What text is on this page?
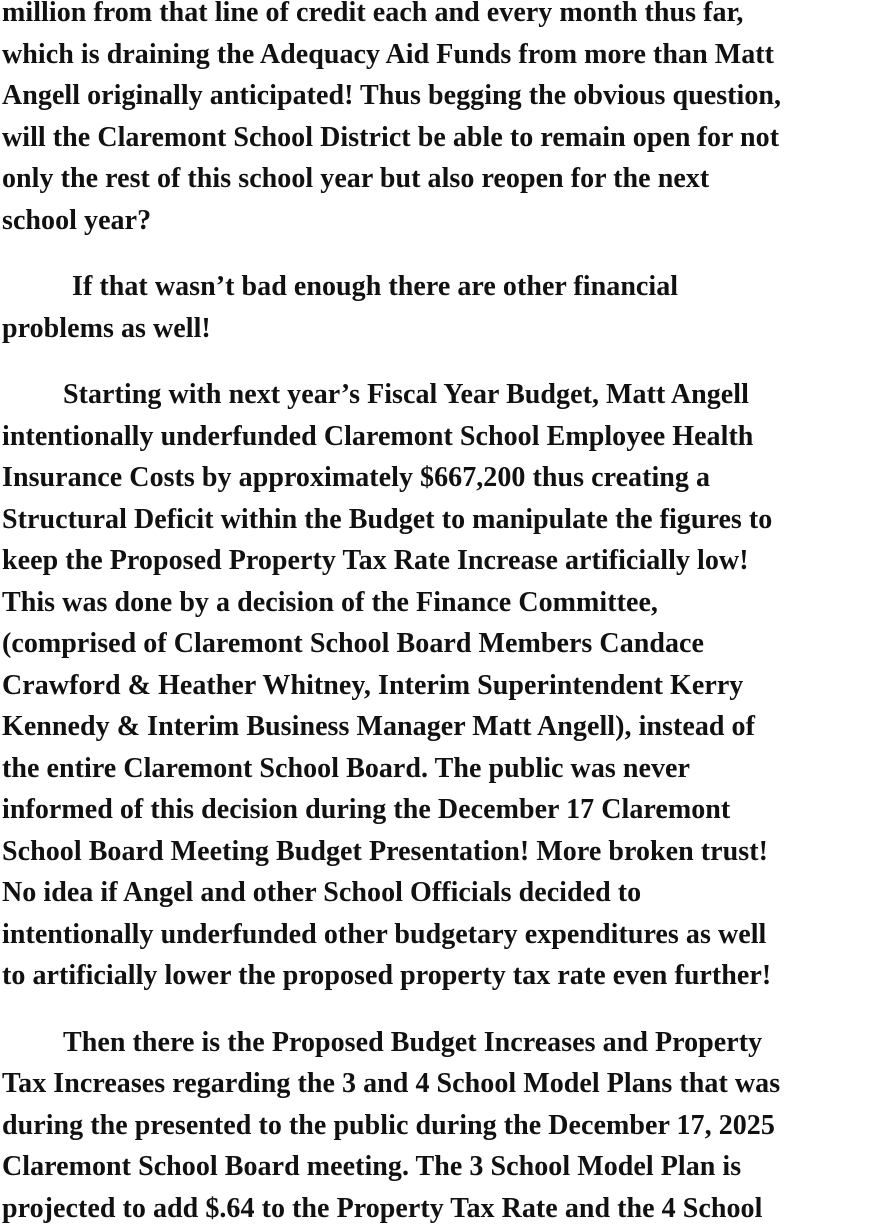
million from that line of credit each and every month thus far,
which is draining the Adequacy Aid Funds from more than Matt
Angell originally anticipated! Thus begging the obvious question,
will the Claremont School District be able to remain open for not
only the rest of this school year but also reopen for the next
school year?
If that wasn’t bad enough there are other financial
problems as well!
Starting with next year’s Fiscal Year Budget, Matt Angell
intentionally underfunded Claremont School Employee Health
Insurance Costs by approximately $667,200 thus creating a
Structural Deficit within the Budget to manipulate the figures to
keep the Proposed Property Tax Rate Increase artificially low!
This was done by a decision of the Finance Committee,
(comprised of Claremont School Board Members Candace
Crawford & Heather Whitney, Interim Superintendent Kerry
Kennedy & Interim Business Manager Matt Angell), instead of
the entire Claremont School Board. The public was never
informed of this decision during the December 17 Claremont
School Board Meeting Budget Presentation! More broken trust!
No idea if Angel and other School Officials decided to
intentionally underfunded other budgetary expenditures as well
to artificially lower the proposed property tax rate even further!
Then there is the Proposed Budget Increases and Property
Tax Increases regarding the 3 and 4 School Model Plans that was
during the presented to the public during the December 17, 2025
Claremont School Board meeting. The 3 School Model Plan is
projected to add $.64 to the Property Tax Rate and the 4 School
